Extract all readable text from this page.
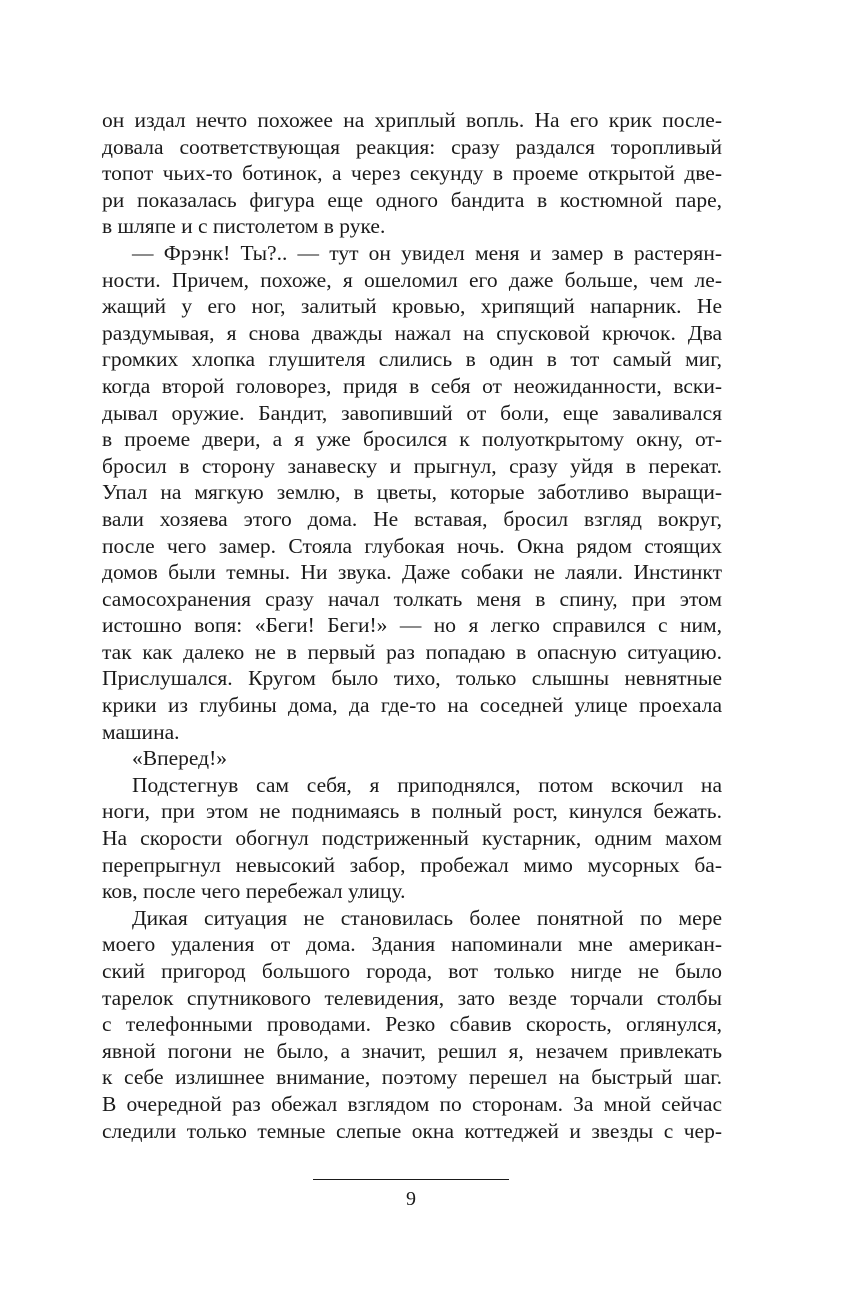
он издал нечто похожее на хриплый вопль. На его крик после-
довала соответствующая реакция: сразу раздался торопливый
топот чьих-то ботинок, а через секунду в проеме открытой две-
ри показалась фигура еще одного бандита в костюмной паре,
в шляпе и с пистолетом в руке.
— Фрэнк! Ты?.. — тут он увидел меня и замер в растерян-
ности. Причем, похоже, я ошеломил его даже больше, чем ле-
жащий у его ног, залитый кровью, хрипящий напарник. Не
раздумывая, я снова дважды нажал на спусковой крючок. Два
громких хлопка глушителя слились в один в тот самый миг,
когда второй головорез, придя в себя от неожиданности, вски-
дывал оружие. Бандит, завопивший от боли, еще заваливался
в проеме двери, а я уже бросился к полуоткрытому окну, от-
бросил в сторону занавеску и прыгнул, сразу уйдя в перекат.
Упал на мягкую землю, в цветы, которые заботливо выращи-
вали хозяева этого дома. Не вставая, бросил взгляд вокруг,
после чего замер. Стояла глубокая ночь. Окна рядом стоящих
домов были темны. Ни звука. Даже собаки не лаяли. Инстинкт
самосохранения сразу начал толкать меня в спину, при этом
истошно вопя: «Беги! Беги!» — но я легко справился с ним,
так как далеко не в первый раз попадаю в опасную ситуацию.
Прислушался. Кругом было тихо, только слышны невнятные
крики из глубины дома, да где-то на соседней улице проехала
машина.
«Вперед!»
Подстегнув сам себя, я приподнялся, потом вскочил на
ноги, при этом не поднимаясь в полный рост, кинулся бежать.
На скорости обогнул подстриженный кустарник, одним махом
перепрыгнул невысокий забор, пробежал мимо мусорных ба-
ков, после чего перебежал улицу.
Дикая ситуация не становилась более понятной по мере
моего удаления от дома. Здания напоминали мне американ-
ский пригород большого города, вот только нигде не было
тарелок спутникового телевидения, зато везде торчали столбы
с телефонными проводами. Резко сбавив скорость, оглянулся,
явной погони не было, а значит, решил я, незачем привлекать
к себе излишнее внимание, поэтому перешел на быстрый шаг.
В очередной раз обежал взглядом по сторонам. За мной сейчас
следили только темные слепые окна коттеджей и звезды с чер-
9
